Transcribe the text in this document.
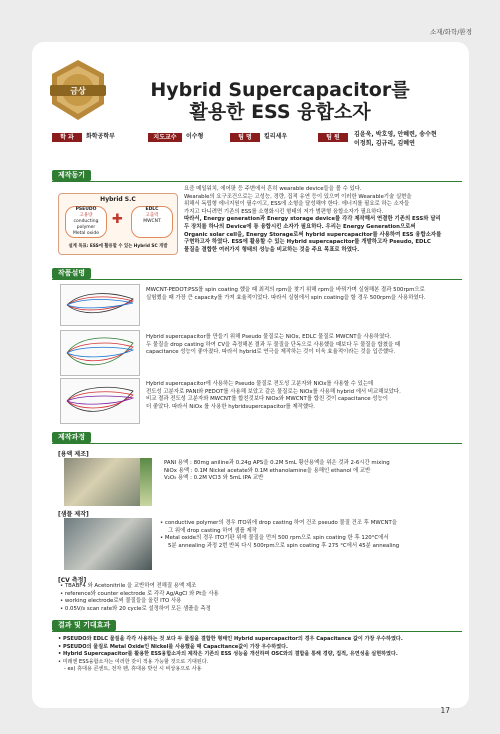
소재/화학/환경
금상	Hybrid Supercapacitor를
활용한 ESS 융합소자
학 과	화학공학부	지도교수	이수형	팀 명	킬리세우	팀 원	김윤욱, 박호영, 안혜련, 송수현
이정희, 김규리, 김혜연
제작동기
Hybrid S.C
PSEUDO
고용량
conducting polymer
Metal oxide
✚
EDLC
고출력
MWCNT
설계 목표: ESS에 활용할 수 있는 Hybrid SC 개발
요즘 메일워치, 에어팟 등 주변에서 흔히 wearable device들을 볼 수 있다.
Wearable의 요구조건으로는 고성능, 경량, 집적 유연 등이 있으며 이러한 Wearable기술 실현을
위해서 독립형 에너지원이 필수이고, ESS에 소형을 달성해야 한다. 에너지를 필요로 하는 소자들
가지고 다니려면 기존의 ESS를 소형화시킨 형태의 저가 범편형 융합소자가 필요하다.
따라서, Energy generation과 Energy storage device를 각각 제작해서 연결한 기존의 ESS와 달리
두 장치를 하나의 Device에 통 융합시킨 소자가 필요하다. 우리는 Energy Generation으로써
Organic solar cell을, Energy Storage로써 hybrid supercapacitor를 사용하여 ESS 융합소자를
구현하고자 하였다. ESS에 활용할 수 있는 Hybrid supercapacitor를 개발하고자 Pseudo, EDLC
물질을 결합한 여러가지 형태의 성능을 비교하는 것을 주요 목표로 하였다.
작품설명
MWCNT-PEDOT:PSS를 spin coating 했을 때 최적의 rpm을 찾기 위해 rpm을 바꿔가며 실험해본 결과 500rpm으로
실험했을 때 가장 큰 capacity를 가져 효율적이었다. 따라서 실험에서 spin coating을 할 경우 500rpm을 사용하였다.
Hybrid supercapacitor를 만들기 위해 Pseudo 물질로는 NiOx, EDLC 물질로 MWCNT을 사용하였다.
두 물질을 drop casting 하여 CV을 측정해본 결과 두 물질을 단독으로 사용했을 때보다 두 물질을 합쳤을 때
capacitance 성능이 좋아졌다. 따라서 hybrid로 연극을 제작하는 것이 더욱 효율적이라는 것을 입증했다.
Hybrid supercapacitor에 사용하는 Pseudo 물질로 전도성 고분자와 NiOx를 사용할 수 있는데
전도성 고분자로 PANI와 PEDOT를 사용해 보았고 같은 물질로는 NiOx를 사용해 hybrid 에서 비교해보았다.
비교 결과 전도성 고분자와 MWCNT를 합친것보다 NiOx와 MWCNT를 합친 것이 capacitance 성능이
더 좋았다. 따라서 NiOx 를 사용한 hybridsupercapacitor를 제작했다.
제작과정
[용액 제조]
PANI 용액 : 80mg aniline과 0.24g APS을 0.2M 5mL 황산용액을 위은 것과 2-6시간 mixing
NiOx 용액 : 0.1M Nickel acetate와 0.1M ethanolamine을 용해인 ethanol 에 교반
V₂O₅ 용액 : 0.2M VCl3 와 5mL IPA 교반
[샘플 제작]
• conductive polymer의 경우 ITO위에 drop casting 하여 건조 pseudo 물질 건조 후 MWCNT을
그 위에 drop casting 하여 샘플 제작
• Metal oxide의 경우 ITO기판 위에 물질을 먼저 500 rpm으로 spin coating 한 후 120°C에서
5분 annealing 과정 2번 반복 다시 500rpm으로 spin coating 후 275 °C에서 45분 annealing
[CV 측정]
• TBABF4 와 Acetonitrile 을 교반하여 전해질 용액 제조
• reference와 counter electrode 로 각각 Ag/AgCl 와 Pt을 사용
• working electrode로써 물질들을 올린 ITO 사용
• 0.05V/s scan rate와 20 cycle로 설정하여 모든 샘플을 측정
결과 및 기대효과
• PSEUDO와 EDLC 물질을 각각 사용하는 것 보다 두 물질을 결합한 형태인 Hybrid supercapacitor의 경우 Capacitance 값이 가장 우수하였다.
• PSEUDO의 물질로 Metal Oxide인 Nickel를 사용했을 때 Capacitance값이 가장 우수하였다.
• Hybrid Supercapacitor를 활용한 ESS융합소자의 제작은 기존의 ESS 성능을 개선하며 OSC와의 결합을 통해 경량, 집적, 유연성을 실현하였다.
• 미래엔 ESS융합소자는 여러한 갖이 적용 가능할 것으로 기대된다.
- ex) 휴대용 콘센트, 전자 펜, 휴대용 밧선 시 비상용으로 사용
17
